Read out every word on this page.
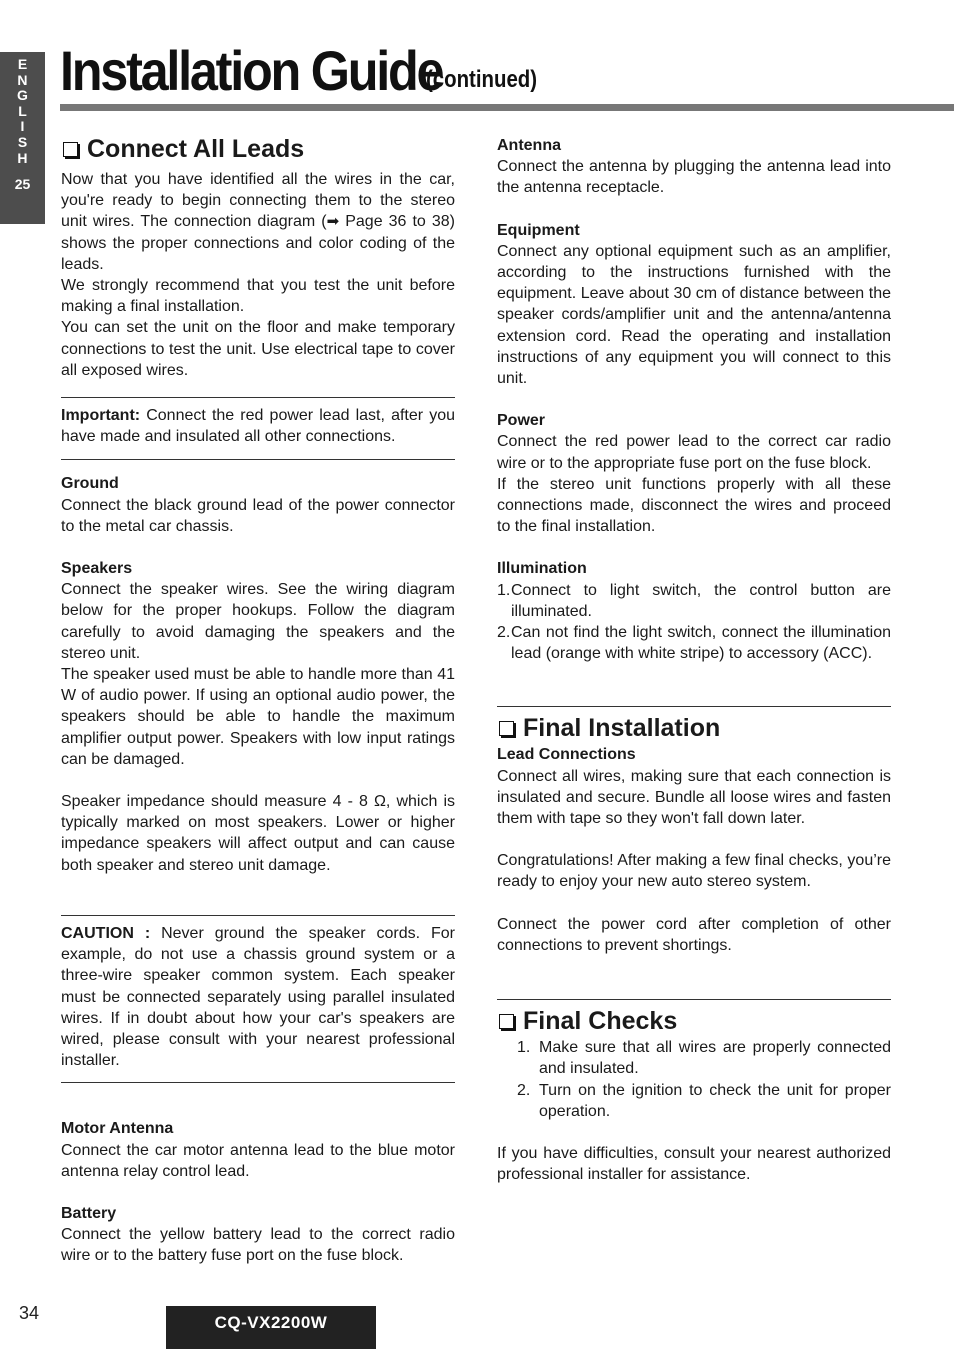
E
N
G
L
I
S
H
25
Installation Guide
(continued)
Connect All Leads

Now that you have identified all the wires in the car, you're ready to begin connecting them to the stereo unit wires. The connection diagram (➡ Page 36 to 38) shows the proper connections and color coding of the leads.

We strongly recommend that you test the unit before making a final installation.

You can set the unit on the floor and make temporary connections to test the unit. Use electrical tape to cover all exposed wires.

Important: Connect the red power lead last, after you have made and insulated all other connections.

Ground

Connect the black ground lead of the power connector to the metal car chassis.

Speakers

Connect the speaker wires. See the wiring diagram below for the proper hookups. Follow the diagram carefully to avoid damaging the speakers and the stereo unit.

The speaker used must be able to handle more than 41 W of audio power. If using an optional audio power, the speakers should be able to handle the maximum amplifier output power. Speakers with low input ratings can be damaged.

Speaker impedance should measure 4 - 8 Ω, which is typically marked on most speakers. Lower or higher impedance speakers will affect output and can cause both speaker and stereo unit damage.

CAUTION : Never ground the speaker cords. For example, do not use a chassis ground system or a three-wire speaker common system. Each speaker must be connected separately using parallel insulated wires. If in doubt about how your car's speakers are wired, please consult with your nearest professional installer.

Motor Antenna

Connect the car motor antenna lead to the blue motor antenna relay control lead.

Battery

Connect the yellow battery lead to the correct radio wire or to the battery fuse port on the fuse block.

Antenna

Connect the antenna by plugging the antenna lead into the antenna receptacle.

Equipment

Connect any optional equipment such as an amplifier, according to the instructions furnished with the equipment. Leave about 30 cm of distance between the speaker cords/amplifier unit and the antenna/antenna extension cord. Read the operating and installation instructions of any equipment you will connect to this unit.

Power

Connect the red power lead to the correct car radio wire or to the appropriate fuse port on the fuse block.

If the stereo unit functions properly with all these connections made, disconnect the wires and proceed to the final installation.

Illumination

1. Connect to light switch, the control button are illuminated.
2. Can not find the light switch, connect the illumination lead (orange with white stripe) to accessory (ACC).
Final Installation

Lead Connections

Connect all wires, making sure that each connection is insulated and secure. Bundle all loose wires and fasten them with tape so they won't fall down later.

Congratulations! After making a few final checks, you’re ready to enjoy your new auto stereo system.

Connect the power cord after completion of other connections to prevent shortings.

Final Checks
1. Make sure that all wires are properly connected and insulated.
2. Turn on the ignition to check the unit for proper operation.

If you have difficulties, consult your nearest authorized professional installer for assistance.

34	CQ-VX2200W
